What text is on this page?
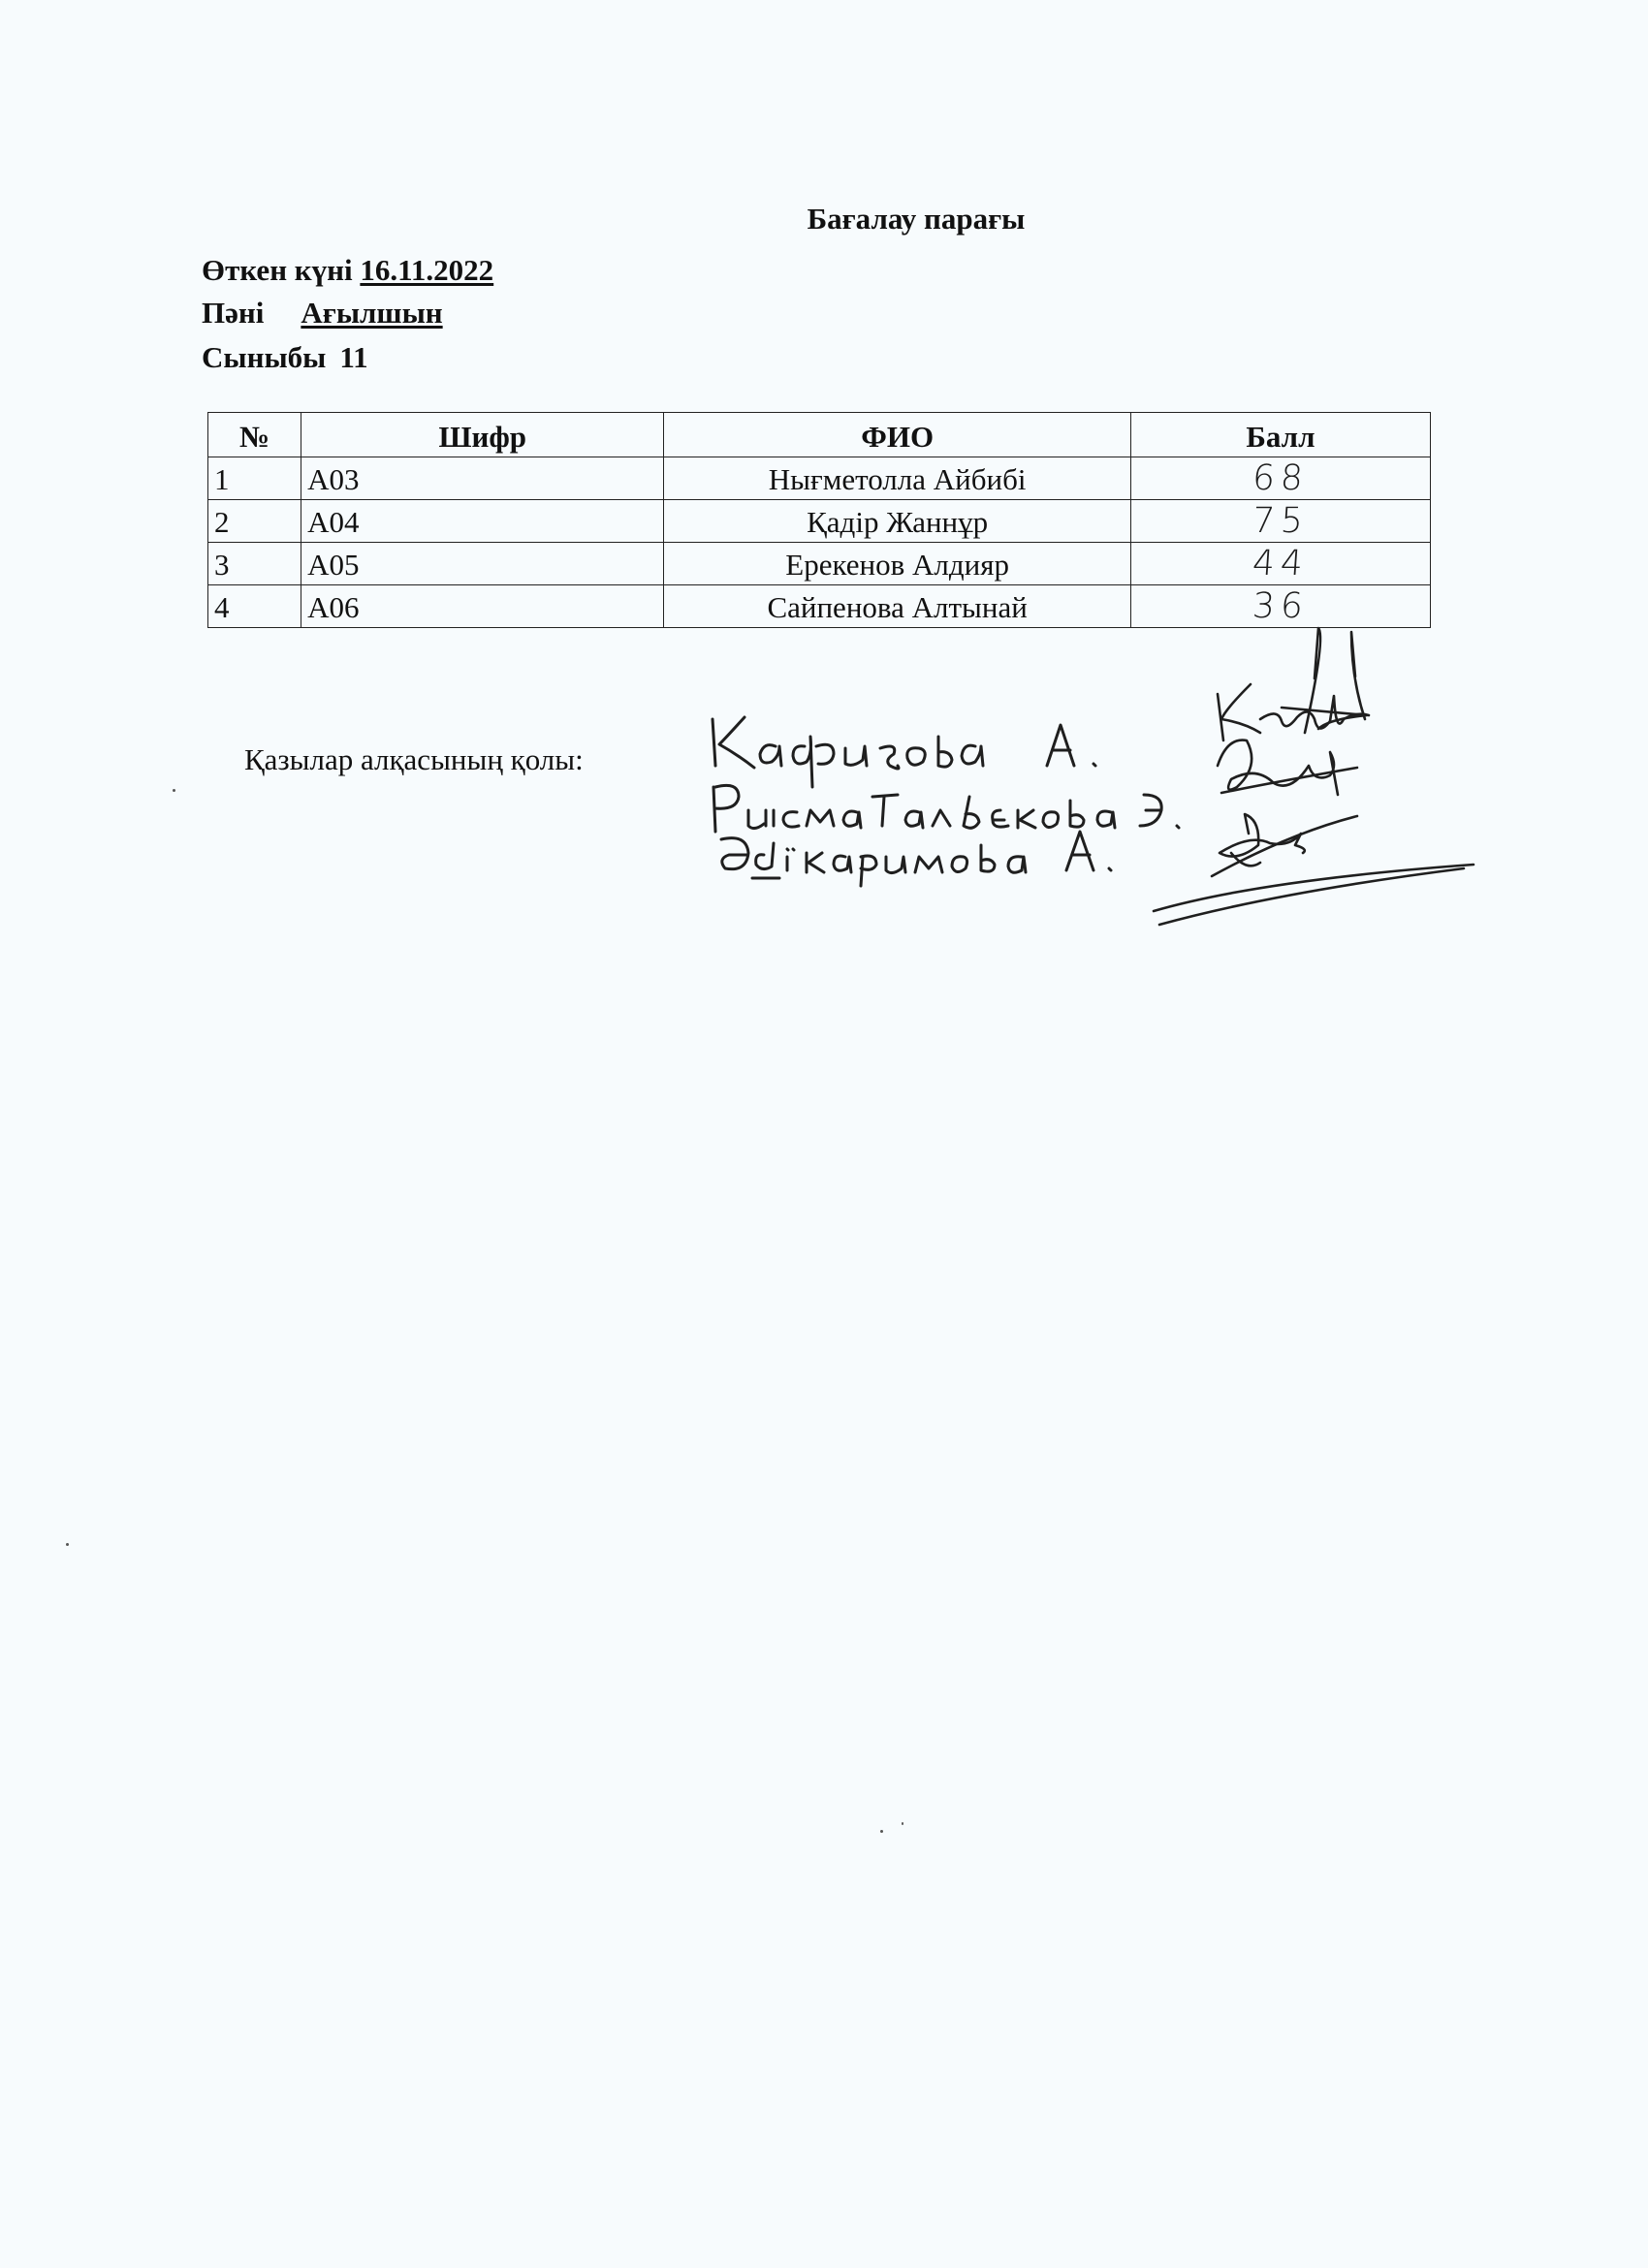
Бағалау парағы
Өткен күні 16.11.2022
Пәні Ағылшын
Сыныбы 11
№	Шифр	ФИО	Балл
1	А03	Нығметолла Айбибі	68
2	А04	Қадір Жаннұр	75
3	А05	Ерекенов Алдияр	44
4	А06	Сайпенова Алтынай	36
Қазылар алқасының қолы:
